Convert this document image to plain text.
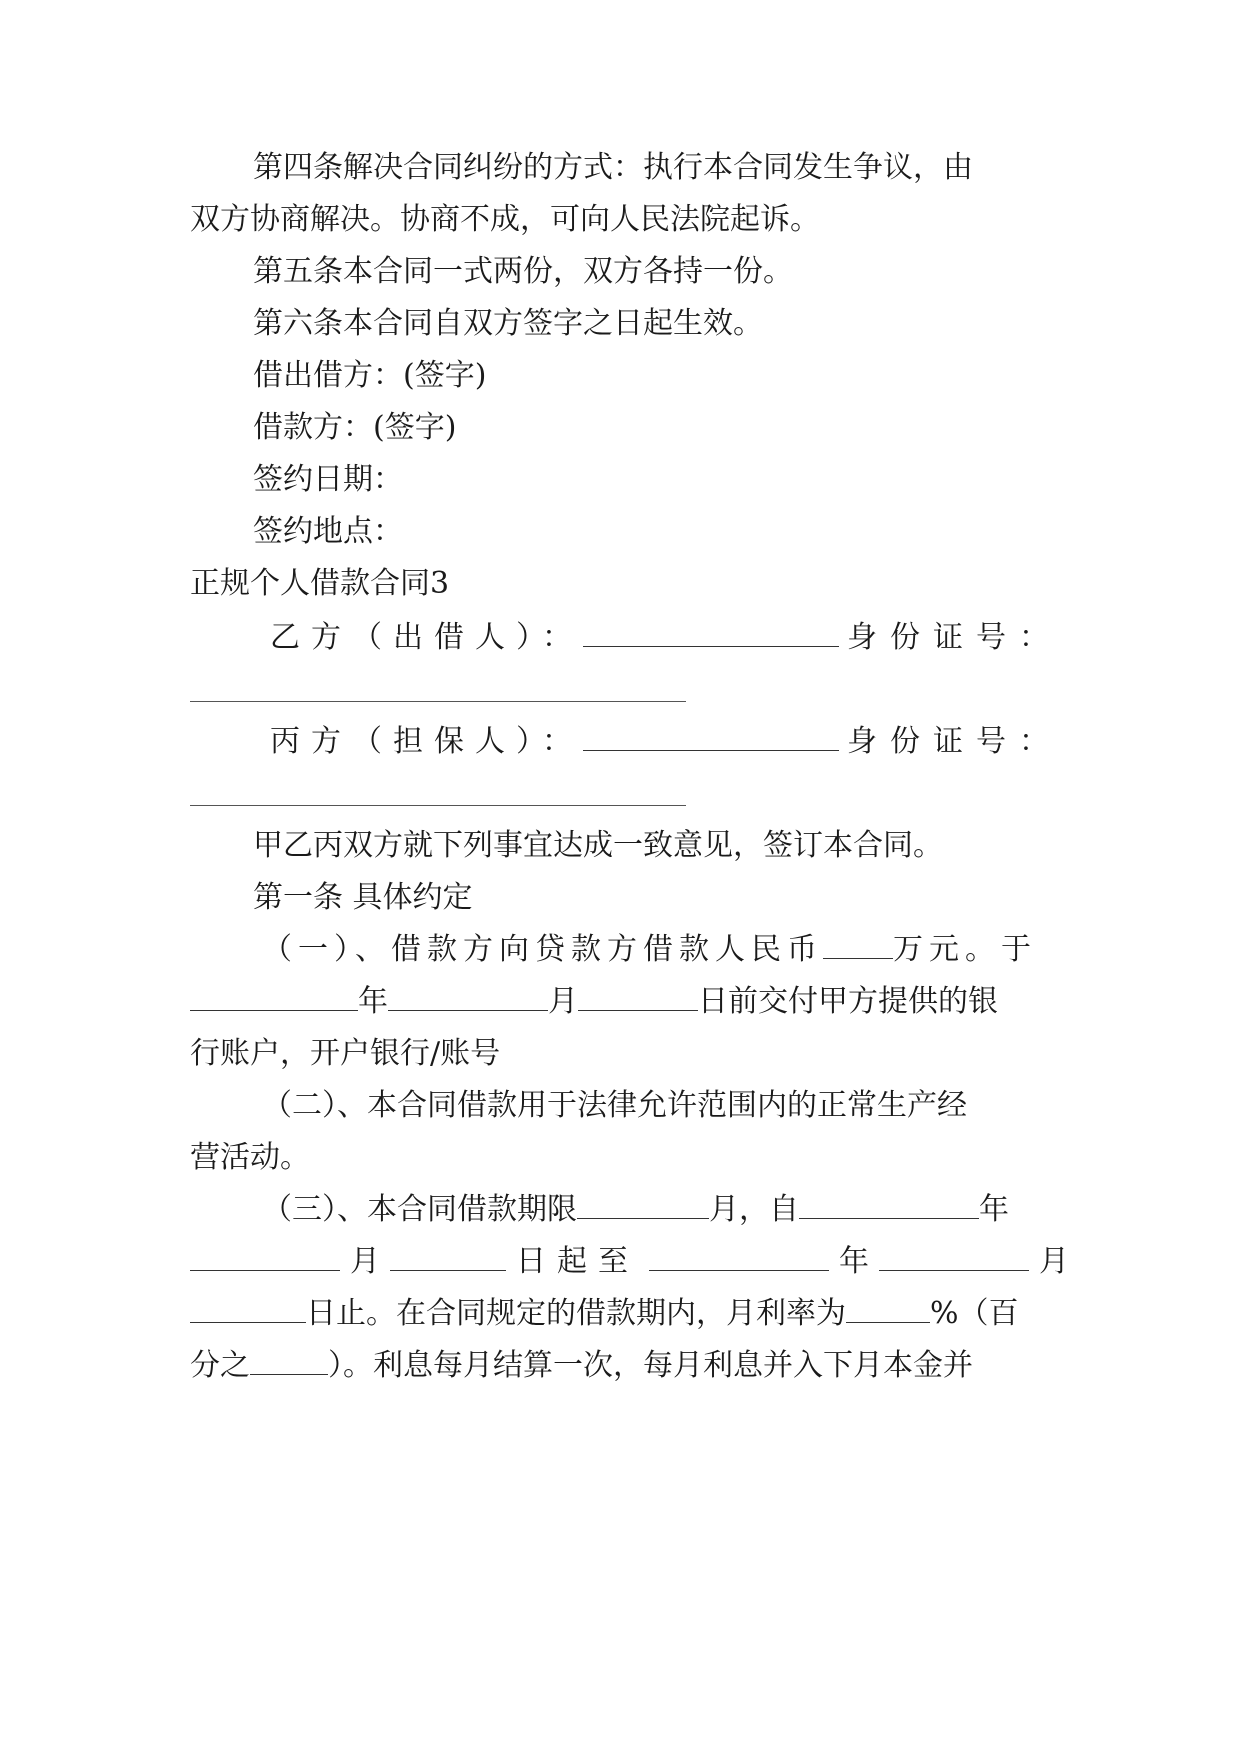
第四条解决合同纠纷的方式：执行本合同发生争议，由
双方协商解决。协商不成，可向人民法院起诉。
第五条本合同一式两份，双方各持一份。
第六条本合同自双方签字之日起生效。
借出借方：(签字)
借款方：(签字)
签约日期：
签约地点：
正规个人借款合同3
乙方（出借人）：	身份证号：
丙方（担保人）：	身份证号：
甲乙丙双方就下列事宜达成一致意见，签订本合同。
第一条 具体约定
（一）、借款方向贷款方借款人民币 万元。于
年	月	日前交付甲方提供的银
行账户，开户银行/账号
（二）、本合同借款用于法律允许范围内的正常生产经
营活动。
（三）、本合同借款期限	月，自	年
月	日起至	年	月
日止。在合同规定的借款期内，月利率为	%（百
分之	）。利息每月结算一次，每月利息并入下月本金并
